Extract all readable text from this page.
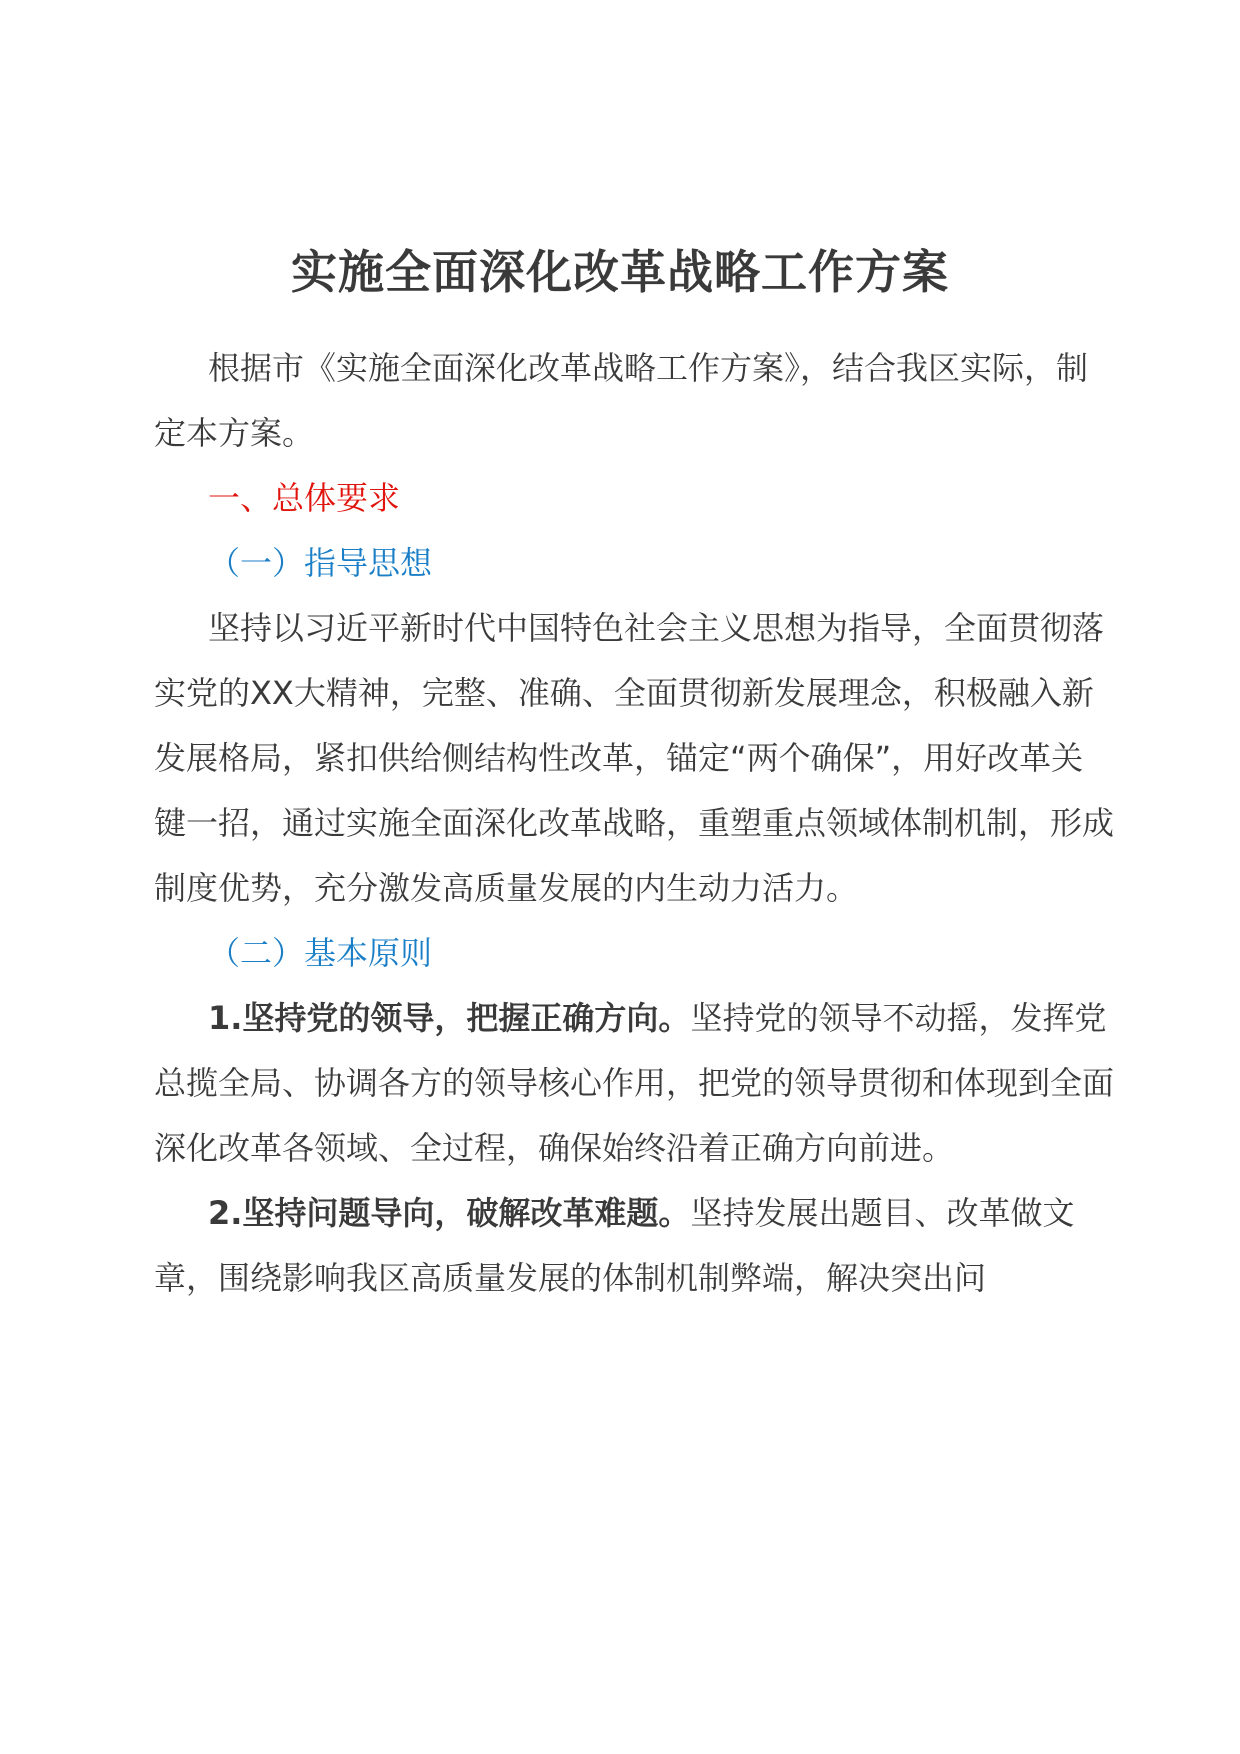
实施全面深化改革战略工作方案

根据市《实施全面深化改革战略工作方案》，结合我区实际，制定本方案。

一、总体要求

（一）指导思想

坚持以习近平新时代中国特色社会主义思想为指导，全面贯彻落实党的XX大精神，完整、准确、全面贯彻新发展理念，积极融入新发展格局，紧扣供给侧结构性改革，锚定“两个确保”，用好改革关键一招，通过实施全面深化改革战略，重塑重点领域体制机制，形成制度优势，充分激发高质量发展的内生动力活力。

（二）基本原则

1.坚持党的领导，把握正确方向。坚持党的领导不动摇，发挥党总揽全局、协调各方的领导核心作用，把党的领导贯彻和体现到全面深化改革各领域、全过程，确保始终沿着正确方向前进。

2.坚持问题导向，破解改革难题。坚持发展出题目、改革做文章，围绕影响我区高质量发展的体制机制弊端，解决突出问
